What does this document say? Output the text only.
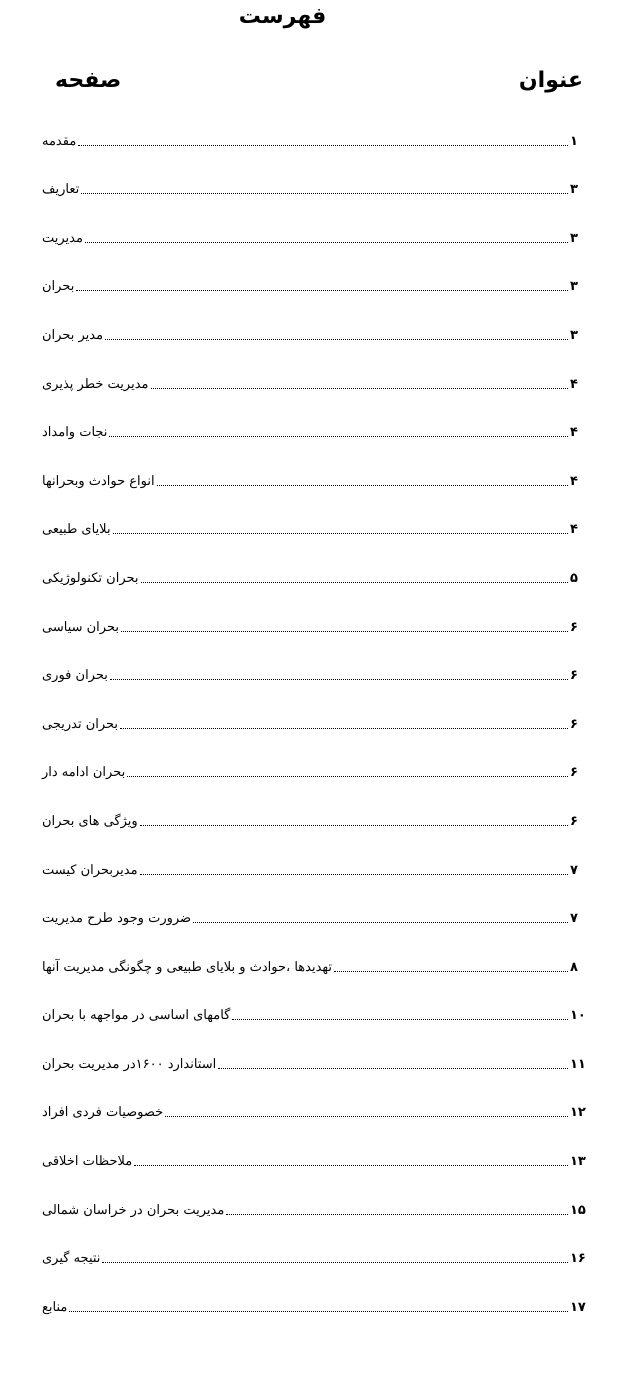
فهرست
عنوان
صفحه
مقدمه	۱
تعاریف	۳
مدیریت	۳
بحران	۳
مدیر بحران	۳
مدیریت خطر پذیری	۴
نجات وامداد	۴
انواع حوادث وبحرانها	۴
بلایای طبیعی	۴
بحران تکنولوژیکی	۵
بحران سیاسی	۶
بحران فوری	۶
بحران تدریجی	۶
بحران ادامه دار	۶
ویژگی های بحران	۶
مدیربحران کیست	۷
ضرورت وجود طرح مدیریت	۷
تهدیدها ،حوادث و بلایای طبیعی و چگونگی مدیریت آنها	۸
گامهای اساسی در مواجهه با بحران	۱۰
استاندارد ۱۶۰۰در مدیریت بحران	۱۱
خصوصیات فردی افراد	۱۲
ملاحظات اخلاقی	۱۳
مدیریت بحران در خراسان شمالی	۱۵
نتیجه گیری	۱۶
منابع	۱۷
